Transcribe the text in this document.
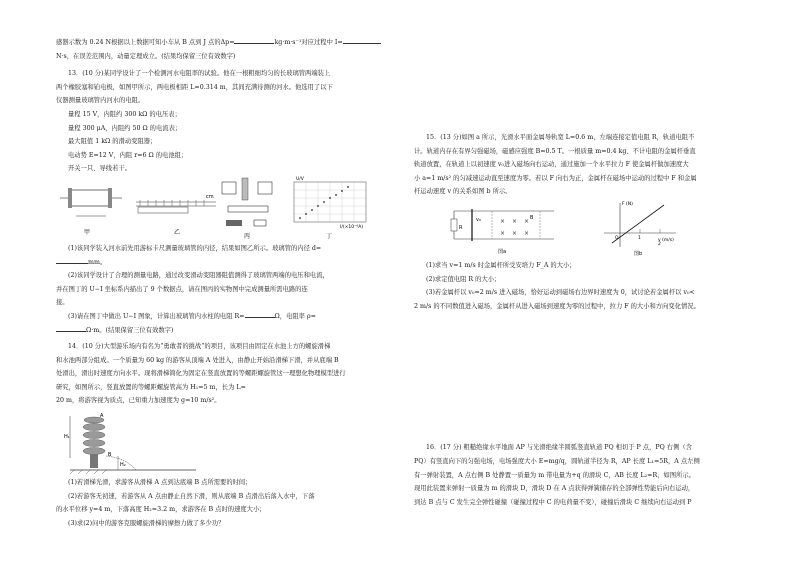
感器示数为 0.24 N根据以上数据可知小车从 B 点到 J 点的Δp=	kg·m·s⁻¹对应过程中 I=

N·s，在误差范围内，动量定理成立。(结果均保留三位有效数字)

13．(10 分)某同学设计了一个检测河水电阻率的试验。他在一根粗细均匀的长玻璃管两端装上

两个橡胶塞和铂电极，如图甲所示，两电极相距 L=0.314 m，其间充满待测的河水。他选用了以下

仪器测量玻璃管内河水的电阻。

量程 15 V，内阻约 300 kΩ 的电压表；

量程 300 μA，内阻约 50 Ω 的电流表；

最大阻值 1 kΩ 的滑动变阻器；

电动势 E=12 V，内阻 r=6 Ω 的电池组；

开关一只、导线若干。

甲
cm
乙
丙
U/V
I/(×10⁻⁶A)
丁

(1)该同学装入河水前先用游标卡尺测量玻璃管的内径，结果如图乙所示。玻璃管的内径 d=

mm。

(2)该同学设计了合理的测量电路，通过改变滑动变阻器阻值测得了玻璃管两端的电压和电流，

并在图丁的 U−I 坐标系内描出了 9 个数据点，请在图丙的实物图中完成测量所需电路的连

接。

(3)请在图丁中做出 U−I 图象，计算出玻璃管内水柱的电阻 R=	Ω，电阻率 ρ=

Ω·m。(结果保留三位有效数字)

14．(10 分)大型游乐场内有名为“勇敢者的挑战”的项目，该项目由固定在水池上方的螺旋滑梯

和水池两部分组成。一个质量为 60 kg 的游客从顶端 A 处进入，由静止开始沿滑梯下滑，并从底端 B

处滑出，滑出时速度方向水平。现将滑梯简化为固定在竖直放置的等螺距螺旋管这一理想化物理模型进行

研究，如图所示，竖直放置的等螺距螺旋管高为 H₁=5 m，长为 L=

20 m，将游客视为质点，已知重力加速度为 g=10 m/s²。

H₁
A
B
H₂

(1)若滑梯光滑，求游客从滑梯 A 点到达底端 B 点所需要的时间；

(2)若游客无初速，若游客从 A 点由静止自然下滑，则从底端 B 点滑出后落入水中，下落

的水平位移 y=4 m，下落高度 H₂=3.2 m，求游客在 B 点时的速度大小；

(3)求(2)问中的游客克服螺旋滑梯的摩擦力做了多少功？

15．(13 分)如图 a 所示，光滑水平面金属导轨宽 L=0.6 m，左端连接定值电阻 R，轨道电阻不

计。轨道内存在有界匀强磁场，磁感应强度 B=0.5 T。一根质量 m=0.4 kg、不计电阻的金属杆垂直

轨道放置，在轨道上以初速度 v₀进入磁场向右运动，通过施加一个水平拉力 F 使金属杆做加速度大

小 a=1 m/s² 的匀减速运动直至速度为零。若以 F 向右为正，金属杆在磁场中运动的过程中 F 和金属

杆运动速度 v 的关系如图 b 所示。

R
v₀	× × ×
× × ×
B
图a
F (N)
v (m/s)
O	1
2
图b

(1)求当 v=1 m/s 时金属杆所受安培力 F_A 的大小；

(2)求定值电阻 R 的大小；

(3)若金属杆以 v₀=2 m/s 进入磁场，恰好运动到磁场右边界时速度为 0，试讨论若金属杆以 v₀<

2 m/s 的不同数值进入磁场，金属杆从进入磁场到速度为零的过程中，拉力 F 的大小和方向变化情况。

16．(17 分) 粗糙绝缘水平地面 AP 与光滑绝缘半圆弧竖直轨道 PQ 相切于 P 点，PQ 右侧（含

PQ）有竖直向下的匀强电场，电场强度大小 E=mg/q，圆轨道半径为 R，AP 长度 L₁=5R，A 点左侧

有一弹射装置，A 点右侧 B 处静置一质量为 m 带电量为+q 的滑块 C，AB 长度 L₂=R，如图所示。

现用此装置来弹射一质量为 m 的滑块 D，滑块 D 在 A 点获得弹簧储存的全部弹性势能后向右运动，

到达 B 点与 C 发生完全弹性碰撞（碰撞过程中 C 的电荷量不变），碰撞后滑块 C 继续向右运动到 P
